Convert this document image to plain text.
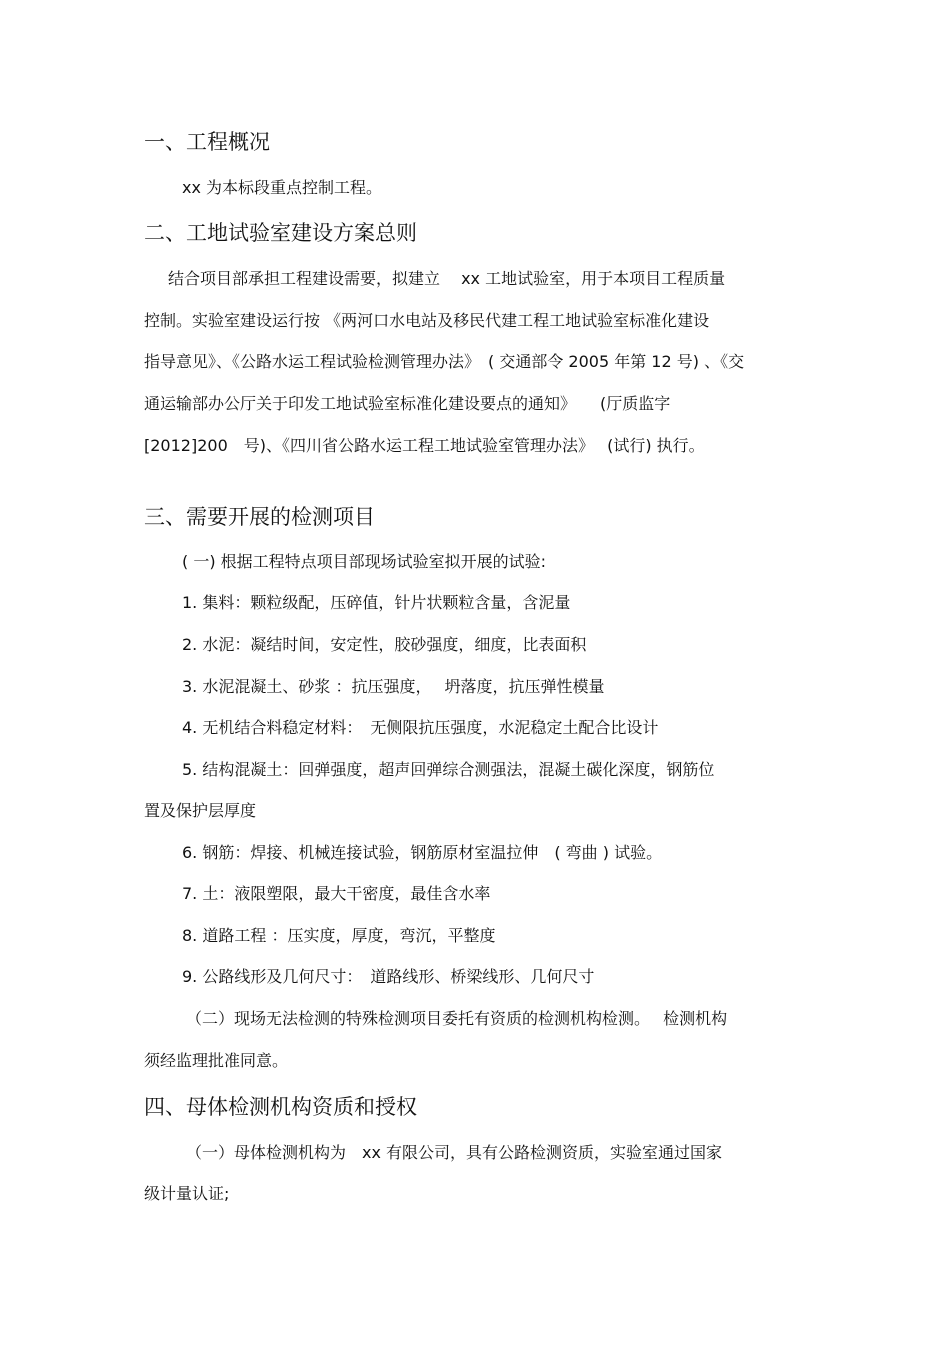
一、工程概况
xx 为本标段重点控制工程。
二、工地试验室建设方案总则
结合项目部承担工程建设需要，拟建立　 xx 工地试验室，用于本项目工程质量
控制。实验室建设运行按 《两河口水电站及移民代建工程工地试验室标准化建设
指导意见》、《公路水运工程试验检测管理办法》　( 交通部令 2005 年第 12 号) 、《交
通运输部办公厅关于印发工地试验室标准化建设要点的通知》　　(厅质监字
[2012]200　号)、《四川省公路水运工程工地试验室管理办法》　 (试行) 执行。
三、需要开展的检测项目
( 一) 根据工程特点项目部现场试验室拟开展的试验:
1. 集料：颗粒级配，压碎值，针片状颗粒含量，含泥量
2. 水泥：凝结时间，安定性，胶砂强度，细度，比表面积
3. 水泥混凝土、砂浆 ：抗压强度，　 坍落度，抗压弹性模量
4. 无机结合料稳定材料：　无侧限抗压强度，水泥稳定土配合比设计
5. 结构混凝土：回弹强度，超声回弹综合测强法，混凝土碳化深度，钢筋位
置及保护层厚度
6. 钢筋：焊接、机械连接试验，钢筋原材室温拉伸　( 弯曲 ) 试验。
7. 土：液限塑限，最大干密度，最佳含水率
8. 道路工程 ：压实度，厚度，弯沉，平整度
9. 公路线形及几何尺寸：　道路线形、桥梁线形、几何尺寸
（二）现场无法检测的特殊检测项目委托有资质的检测机构检测。　 检测机构
须经监理批准同意。
四、母体检测机构资质和授权
（一）母体检测机构为　xx 有限公司，具有公路检测资质，实验室通过国家
级计量认证;
